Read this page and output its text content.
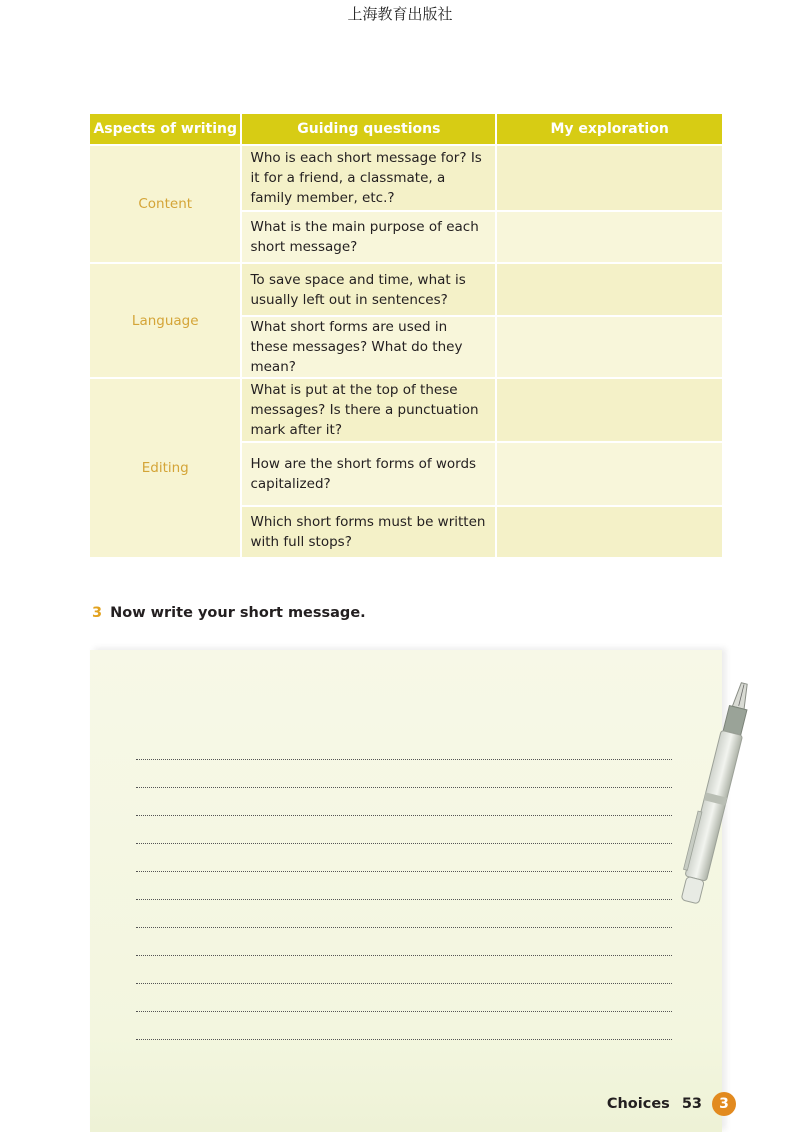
上海教育出版社
Aspects of writing	Guiding questions	My exploration
Content	Who is each short message for? Is it for a friend, a classmate, a family member, etc.?	
	What is the main purpose of each short message?	
Language	To save space and time, what is usually left out in sentences?	
	What short forms are used in these messages? What do they mean?	
Editing	What is put at the top of these messages? Is there a punctuation mark after it?	
	How are the short forms of words capitalized?	
	Which short forms must be written with full stops?	
3 Now write your short message.
Choices 53	3
